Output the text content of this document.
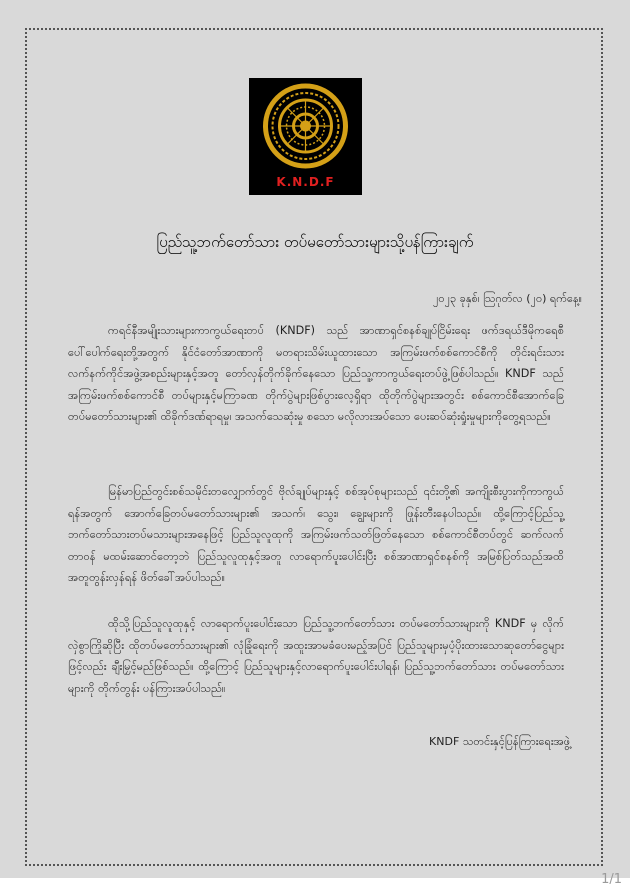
K.N.D.F
ပြည်သူ့ဘက်တော်သား တပ်မတော်သားများသို့ပန်ကြားချက်
၂၀၂၃ ခုနှစ်၊ ဩဂုတ်လ (၂၀) ရက်နေ့။
ကရင်နီအမျိုးသားများကာကွယ်ရေးတပ် (KNDF) သည် အာဏာရှင်စနစ်ချုပ်ငြိမ်းရေး ဖက်ဒရယ်ဒီမိုကရေစီပေါ်ပေါက်ရေးတို့အတွက် နိုင်ငံတော်အာဏာကို မတရားသိမ်းယူထားသော အကြမ်းဖက်စစ်ကောင်စီကို တိုင်းရင်းသားလက်နက်ကိုင်အဖွဲ့အစည်းများနှင့်အတူ တော်လှန်တိုက်ခိုက်နေသော ပြည်သူ့ကာကွယ်ရေးတပ်ဖွဲ့ဖြစ်ပါသည်။ KNDF သည် အကြမ်းဖက်စစ်ကောင်စီ တပ်များနှင့်မကြာခဏ တိုက်ပွဲများဖြစ်ပွားလေ့ရှိရာ ထိုတိုက်ပွဲများအတွင်း စစ်ကောင်စီအောက်ခြေ တပ်မတော်သားများ၏ ထိခိုက်ဒဏ်ရာရမှု၊ အသက်သေဆုံးမှု စသော မလိုလားအပ်သော ပေးဆပ်ဆုံးရှုံးမှုများကိုတွေ့ရသည်။
မြန်မာပြည်တွင်းစစ်သမိုင်းတလျှောက်တွင် ဗိုလ်ချုပ်များနှင့် စစ်အုပ်စုများသည် ၎င်းတို့၏ အကျိုးစီးပွားကိုကာကွယ်ရန်အတွက် အောက်ခြေတပ်မတော်သားများ၏ အသက်၊ သွေး၊ ချွေးများကို ဖြုန်းတီးနေပါသည်။ ထို့ကြောင့်ပြည်သူ့ဘက်တော်သားတပ်မသားများအနေဖြင့် ပြည်သူလူထုကို အကြမ်းဖက်သတ်ဖြတ်နေသော စစ်ကောင်စီတပ်တွင် ဆက်လက်တာဝန် မထမ်းဆောင်တော့ဘဲ ပြည်သူလူထုနှင့်အတူ လာရောက်ပူးပေါင်းပြီး စစ်အာဏာရှင်စနစ်ကို အမြစ်ပြတ်သည်အထိ အတူတွန်းလှန်ရန် ဖိတ်ခေါ်အပ်ပါသည်။
ထိုသို့ပြည်သူလူထုနှင့် လာရောက်ပူးပေါင်းသော ပြည်သူ့ဘက်တော်သား တပ်မတော်သားများကို KNDF မှ လိုက်လှဲစွာကြိုဆိုပြီး ထိုတပ်မတော်သားများ၏ လုံခြုံရေးကို အထူးအာမခံပေးမည့်အပြင် ပြည်သူများမှပံ့ပိုးထားသောဆုတော်ငွေများဖြင့်လည်း ချီးမြှင့်မည်ဖြစ်သည်။ ထို့ကြောင့် ပြည်သူများနှင့်လာရောက်ပူးပေါင်းပါရန်၊ ပြည်သူ့ဘက်တော်သား တပ်မတော်သားများကို တိုက်တွန်း ပန်ကြားအပ်ပါသည်။
KNDF သတင်းနှင့်ပြန်ကြားရေးအဖွဲ့
1/1
